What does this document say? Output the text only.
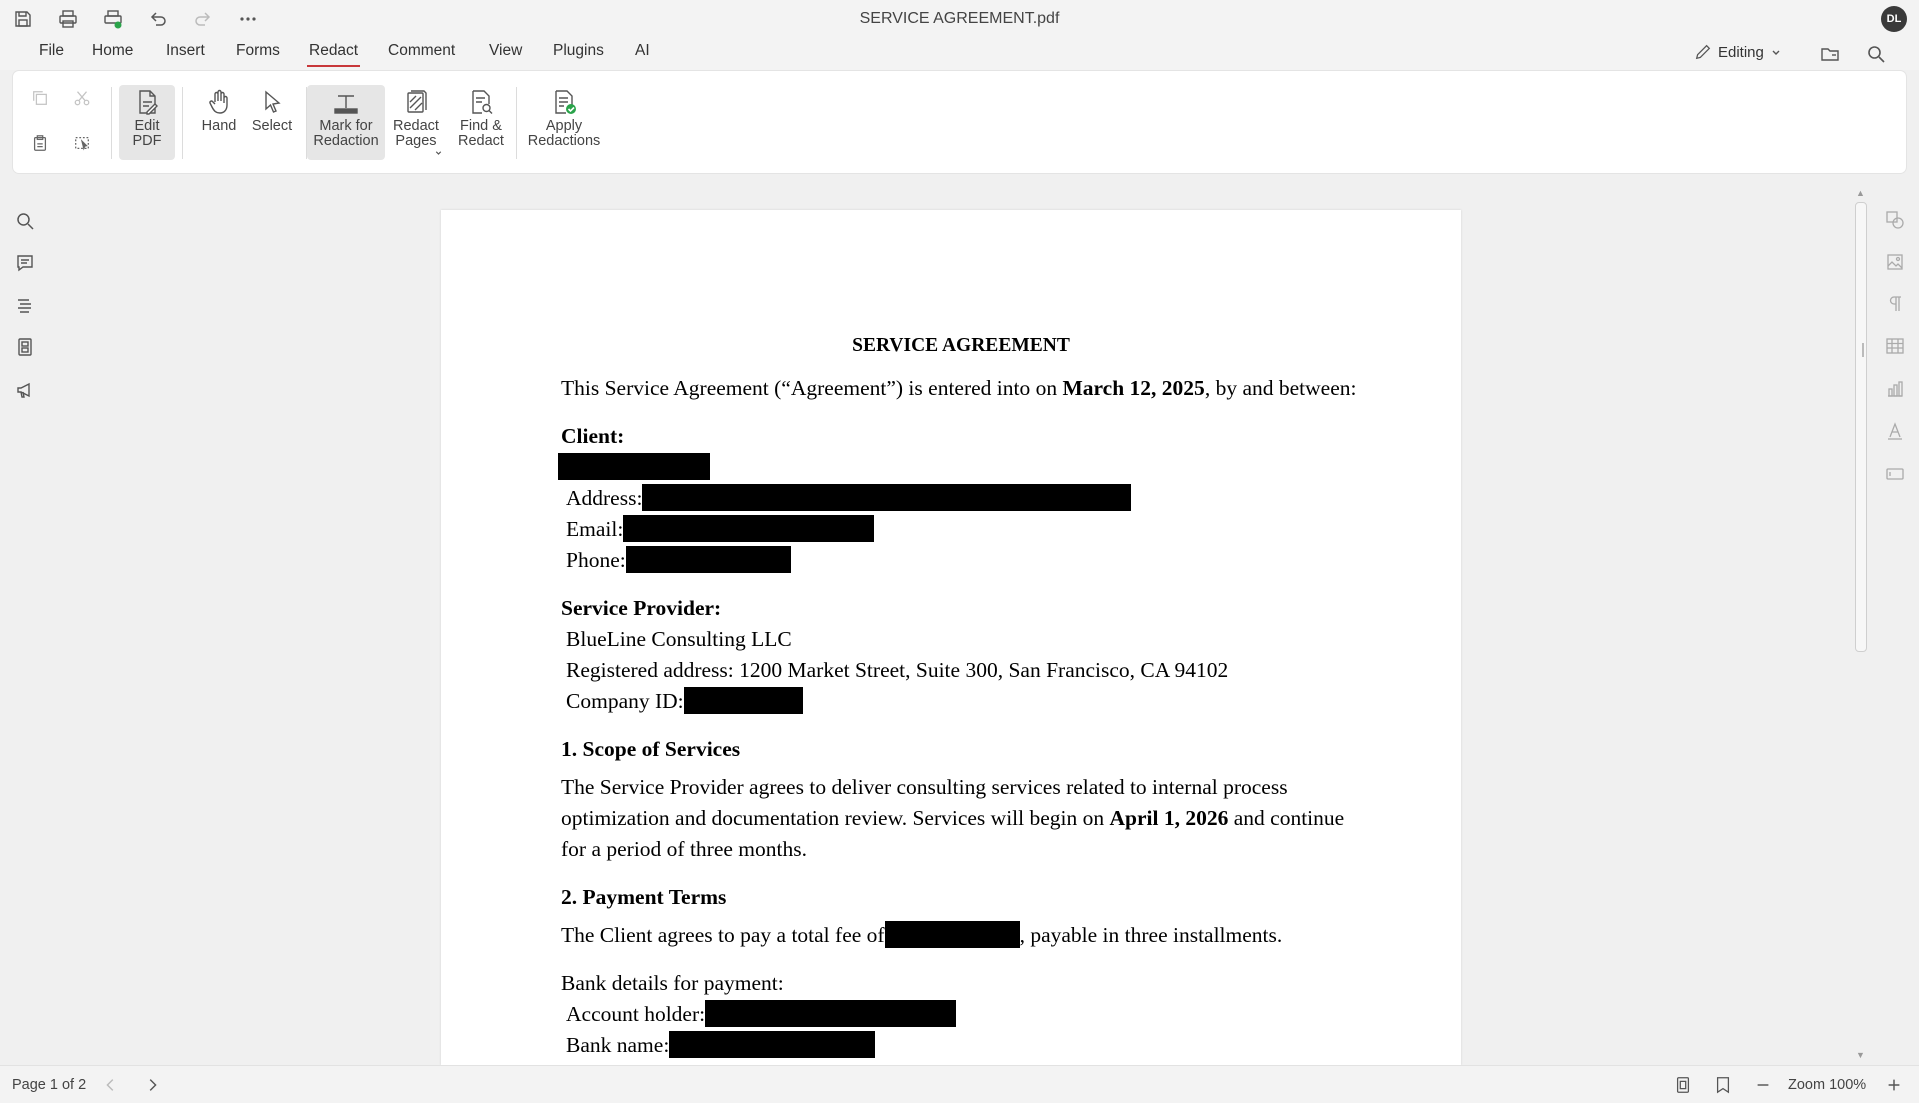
SERVICE AGREEMENT.pdf	DL
File Home Insert Forms Redact Comment View Plugins AI	Editing
Edit
PDF
Hand Select	Mark for
Redaction
Redact
Pages
Find &
Redact
Apply
Redactions
▲
▼
SERVICE AGREEMENT

This Service Agreement (“Agreement”) is entered into on March 12, 2025, by and between:

Client:

Address:

Email:

Phone:

Service Provider:

BlueLine Consulting LLC

Registered address: 1200 Market Street, Suite 300, San Francisco, CA 94102

Company ID:

1. Scope of Services

The Service Provider agrees to deliver consulting services related to internal process optimization and documentation review. Services will begin on April 1, 2026 and continue for a period of three months.

2. Payment Terms

The Client agrees to pay a total fee of	, payable in three installments.

Bank details for payment:

Account holder:

Bank name:

Page 1 of 2	Zoom 100%
